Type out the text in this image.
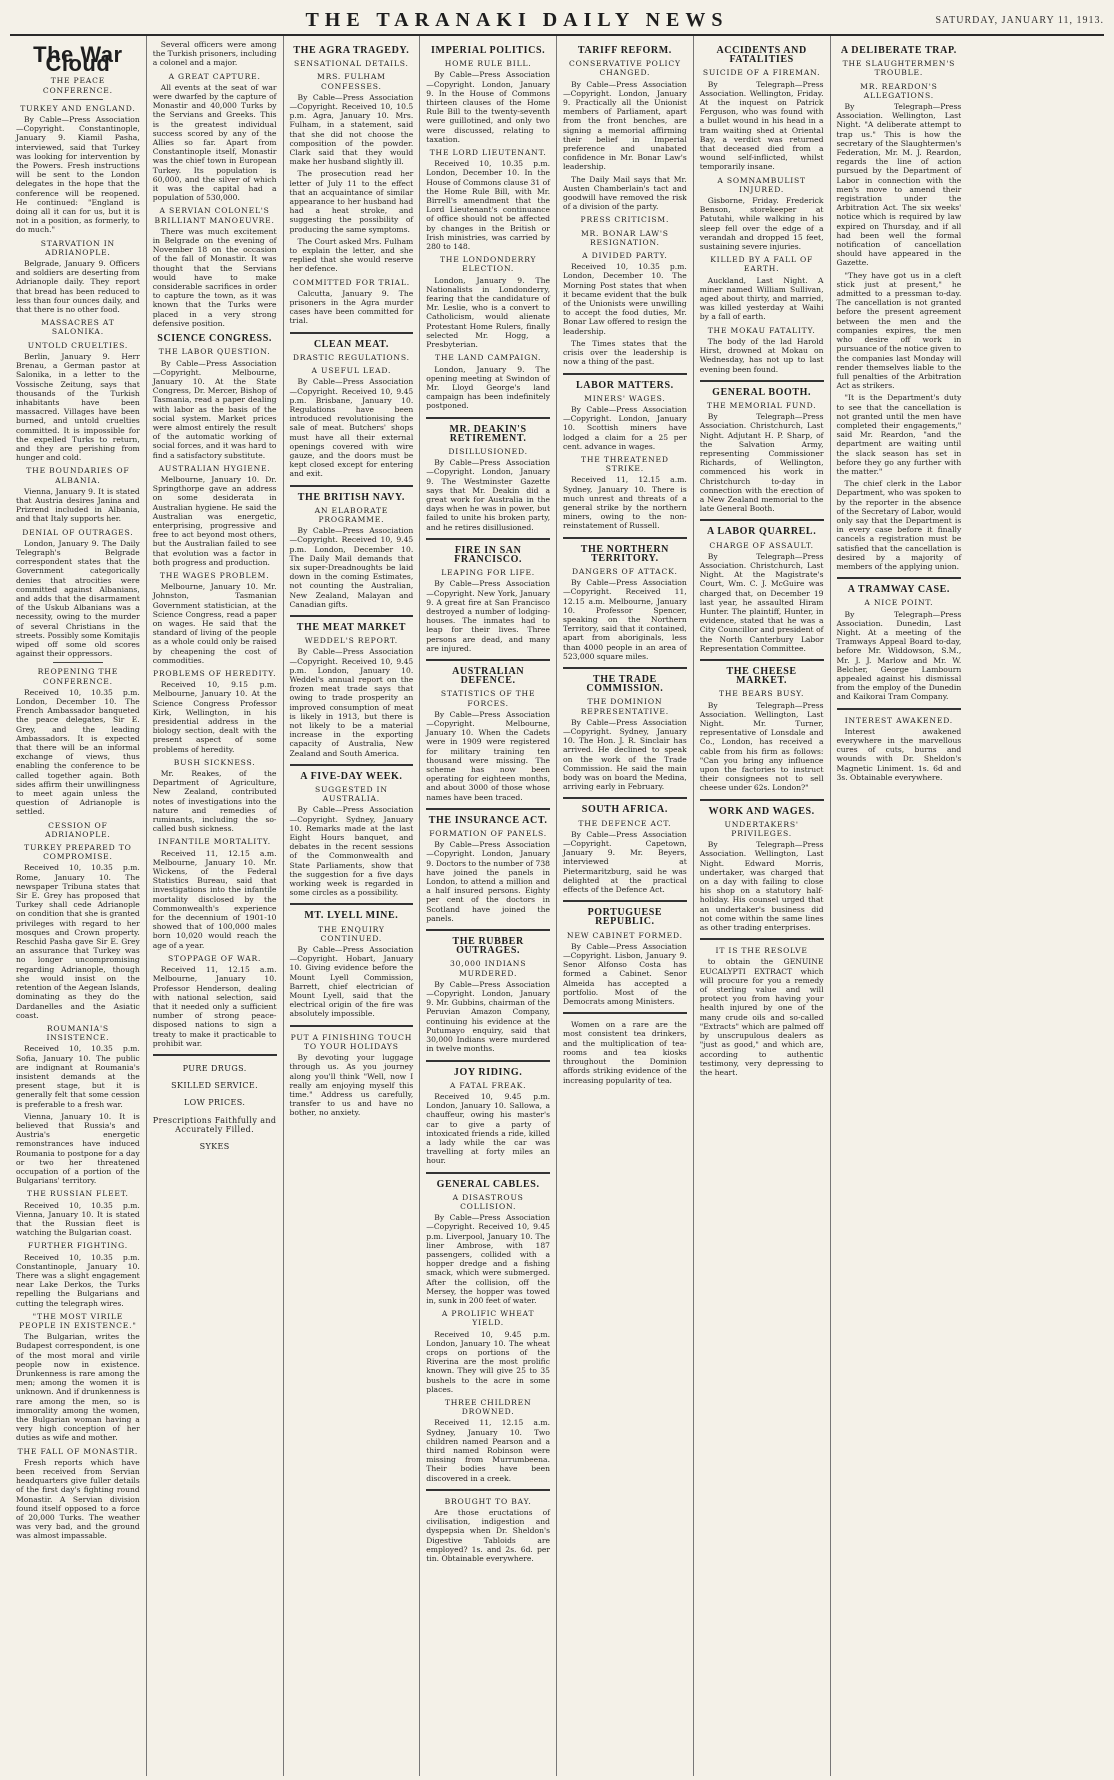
THE TARANAKI DAILY NEWS	SATURDAY, JANUARY 11, 1913.
The War Cloud
THE PEACE CONFERENCE.
TURKEY AND ENGLAND.

By Cable—Press Association—Copyright. Constantinople, January 9. Kiamil Pasha, interviewed, said that Turkey was looking for intervention by the Powers. Fresh instructions will be sent to the London delegates in the hope that the conference will be reopened. He continued: "England is doing all it can for us, but it is not in a position, as formerly, to do much."

STARVATION IN ADRIANOPLE.

Belgrade, January 9. Officers and soldiers are deserting from Adrianople daily. They report that bread has been reduced to less than four ounces daily, and that there is no other food.

MASSACRES AT SALONIKA.
UNTOLD CRUELTIES.

Berlin, January 9. Herr Brenau, a German pastor at Salonika, in a letter to the Vossische Zeitung, says that thousands of the Turkish inhabitants have been massacred. Villages have been burned, and untold cruelties committed. It is impossible for the expelled Turks to return, and they are perishing from hunger and cold.

THE BOUNDARIES OF ALBANIA.

Vienna, January 9. It is stated that Austria desires Janina and Prizrend included in Albania, and that Italy supports her.

DENIAL OF OUTRAGES.

London, January 9. The Daily Telegraph's Belgrade correspondent states that the Government categorically denies that atrocities were committed against Albanians, and adds that the disarmament of the Uskub Albanians was a necessity, owing to the murder of several Christians in the streets. Possibly some Komitajis wiped off some old scores against their oppressors.

REOPENING THE CONFERENCE.

Received 10, 10.35 p.m. London, December 10. The French Ambassador banqueted the peace delegates, Sir E. Grey, and the leading Ambassadors. It is expected that there will be an informal exchange of views, thus enabling the conference to be called together again. Both sides affirm their unwillingness to meet again unless the question of Adrianople is settled.

CESSION OF ADRIANOPLE.
TURKEY PREPARED TO COMPROMISE.

Received 10, 10.35 p.m. Rome, January 10. The newspaper Tribuna states that Sir E. Grey has proposed that Turkey shall cede Adrianople on condition that she is granted privileges with regard to her mosques and Crown property. Reschid Pasha gave Sir E. Grey an assurance that Turkey was no longer uncompromising regarding Adrianople, though she would insist on the retention of the Aegean Islands, dominating as they do the Dardanelles and the Asiatic coast.

ROUMANIA'S INSISTENCE.

Received 10, 10.35 p.m. Sofia, January 10. The public are indignant at Roumania's insistent demands at the present stage, but it is generally felt that some cession is preferable to a fresh war.

Vienna, January 10. It is believed that Russia's and Austria's energetic remonstrances have induced Roumania to postpone for a day or two her threatened occupation of a portion of the Bulgarians' territory.

THE RUSSIAN FLEET.

Received 10, 10.35 p.m. Vienna, January 10. It is stated that the Russian fleet is watching the Bulgarian coast.

FURTHER FIGHTING.

Received 10, 10.35 p.m. Constantinople, January 10. There was a slight engagement near Lake Derkos, the Turks repelling the Bulgarians and cutting the telegraph wires.

"THE MOST VIRILE PEOPLE IN EXISTENCE."

The Bulgarian, writes the Budapest correspondent, is one of the most moral and virile people now in existence. Drunkenness is rare among the men; among the women it is unknown. And if drunkenness is rare among the men, so is immorality among the women, the Bulgarian woman having a very high conception of her duties as wife and mother.

THE FALL OF MONASTIR.

Fresh reports which have been received from Servian headquarters give fuller details of the first day's fighting round Monastir. A Servian division found itself opposed to a force of 20,000 Turks. The weather was very bad, and the ground was almost impassable.

Several officers were among the Turkish prisoners, including a colonel and a major.

A GREAT CAPTURE.

All events at the seat of war were dwarfed by the capture of Monastir and 40,000 Turks by the Servians and Greeks. This is the greatest individual success scored by any of the Allies so far. Apart from Constantinople itself, Monastir was the chief town in European Turkey. Its population is 60,000, and the silver of which it was the capital had a population of 530,000.

A SERVIAN COLONEL'S BRILLIANT MANOEUVRE.

There was much excitement in Belgrade on the evening of November 18 on the occasion of the fall of Monastir. It was thought that the Servians would have to make considerable sacrifices in order to capture the town, as it was known that the Turks were placed in a very strong defensive position.

SCIENCE CONGRESS.
THE LABOR QUESTION.

By Cable—Press Association—Copyright. Melbourne, January 10. At the State Congress, Dr. Mercer, Bishop of Tasmania, read a paper dealing with labor as the basis of the social system. Market prices were almost entirely the result of the automatic working of social forces, and it was hard to find a satisfactory substitute.

AUSTRALIAN HYGIENE.

Melbourne, January 10. Dr. Springthorpe gave an address on some desiderata in Australian hygiene. He said the Australian was energetic, enterprising, progressive and free to act beyond most others, but the Australian failed to see that evolution was a factor in both progress and production.

THE WAGES PROBLEM.

Melbourne, January 10. Mr. Johnston, Tasmanian Government statistician, at the Science Congress, read a paper on wages. He said that the standard of living of the people as a whole could only be raised by cheapening the cost of commodities.

PROBLEMS OF HEREDITY.

Received 10, 9.15 p.m. Melbourne, January 10. At the Science Congress Professor Kirk, Wellington, in his presidential address in the biology section, dealt with the present aspect of some problems of heredity.

BUSH SICKNESS.

Mr. Reakes, of the Department of Agriculture, New Zealand, contributed notes of investigations into the nature and remedies of ruminants, including the so-called bush sickness.

INFANTILE MORTALITY.

Received 11, 12.15 a.m. Melbourne, January 10. Mr. Wickens, of the Federal Statistics Bureau, said that investigations into the infantile mortality disclosed by the Commonwealth's experience for the decennium of 1901-10 showed that of 100,000 males born 10,020 would reach the age of a year.

STOPPAGE OF WAR.

Received 11, 12.15 a.m. Melbourne, January 10. Professor Henderson, dealing with national selection, said that it needed only a sufficient number of strong peace-disposed nations to sign a treaty to make it practicable to prohibit war.

PURE DRUGS.
SKILLED SERVICE.
LOW PRICES.
Prescriptions Faithfully and Accurately Filled.
SYKES
THE AGRA TRAGEDY.
SENSATIONAL DETAILS.
MRS. FULHAM CONFESSES.

By Cable—Press Association—Copyright. Received 10, 10.5 p.m. Agra, January 10. Mrs. Fulham, in a statement, said that she did not choose the composition of the powder. Clark said that they would make her husband slightly ill.

The prosecution read her letter of July 11 to the effect that an acquaintance of similar appearance to her husband had had a heat stroke, and suggesting the possibility of producing the same symptoms.

The Court asked Mrs. Fulham to explain the letter, and she replied that she would reserve her defence.

COMMITTED FOR TRIAL.

Calcutta, January 9. The prisoners in the Agra murder cases have been committed for trial.

CLEAN MEAT.
DRASTIC REGULATIONS.
A USEFUL LEAD.

By Cable—Press Association—Copyright. Received 10, 9.45 p.m. Brisbane, January 10. Regulations have been introduced revolutionising the sale of meat. Butchers' shops must have all their external openings covered with wire gauze, and the doors must be kept closed except for entering and exit.

THE BRITISH NAVY.
AN ELABORATE PROGRAMME.

By Cable—Press Association—Copyright. Received 10, 9.45 p.m. London, December 10. The Daily Mail demands that six super-Dreadnoughts be laid down in the coming Estimates, not counting the Australian, New Zealand, Malayan and Canadian gifts.

THE MEAT MARKET
WEDDEL'S REPORT.

By Cable—Press Association—Copyright. Received 10, 9.45 p.m. London, January 10. Weddel's annual report on the frozen meat trade says that owing to trade prosperity an improved consumption of meat is likely in 1913, but there is not likely to be a material increase in the exporting capacity of Australia, New Zealand and South America.

A FIVE-DAY WEEK.
SUGGESTED IN AUSTRALIA.

By Cable—Press Association—Copyright. Sydney, January 10. Remarks made at the last Eight Hours banquet, and debates in the recent sessions of the Commonwealth and State Parliaments, show that the suggestion for a five days working week is regarded in some circles as a possibility.

MT. LYELL MINE.
THE ENQUIRY CONTINUED.

By Cable—Press Association—Copyright. Hobart, January 10. Giving evidence before the Mount Lyell Commission, Barrett, chief electrician of Mount Lyell, said that the electrical origin of the fire was absolutely impossible.

PUT A FINISHING TOUCH TO YOUR HOLIDAYS

By devoting your luggage through us. As you journey along you'll think "Well, now I really am enjoying myself this time." Address us carefully, transfer to us and have no bother, no anxiety.

IMPERIAL POLITICS.
HOME RULE BILL.

By Cable—Press Association—Copyright. London, January 9. In the House of Commons thirteen clauses of the Home Rule Bill to the twenty-seventh were guillotined, and only two were discussed, relating to taxation.

THE LORD LIEUTENANT.

Received 10, 10.35 p.m. London, December 10. In the House of Commons clause 31 of the Home Rule Bill, with Mr. Birrell's amendment that the Lord Lieutenant's continuance of office should not be affected by changes in the British or Irish ministries, was carried by 280 to 148.

THE LONDONDERRY ELECTION.

London, January 9. The Nationalists in Londonderry, fearing that the candidature of Mr. Leslie, who is a convert to Catholicism, would alienate Protestant Home Rulers, finally selected Mr. Hogg, a Presbyterian.

THE LAND CAMPAIGN.

London, January 9. The opening meeting at Swindon of Mr. Lloyd George's land campaign has been indefinitely postponed.

MR. DEAKIN'S RETIREMENT.
DISILLUSIONED.

By Cable—Press Association—Copyright. London, January 9. The Westminster Gazette says that Mr. Deakin did a great work for Australia in the days when he was in power, but failed to unite his broken party, and he retires disillusioned.

FIRE IN SAN FRANCISCO.
LEAPING FOR LIFE.

By Cable—Press Association—Copyright. New York, January 9. A great fire at San Francisco destroyed a number of lodging-houses. The inmates had to leap for their lives. Three persons are dead, and many are injured.

AUSTRALIAN DEFENCE.
STATISTICS OF THE FORCES.

By Cable—Press Association—Copyright. Melbourne, January 10. When the Cadets were in 1909 were registered for military training ten thousand were missing. The scheme has now been operating for eighteen months, and about 3000 of those whose names have been traced.

THE INSURANCE ACT.
FORMATION OF PANELS.

By Cable—Press Association—Copyright. London, January 9. Doctors to the number of 738 have joined the panels in London, to attend a million and a half insured persons. Eighty per cent of the doctors in Scotland have joined the panels.

THE RUBBER OUTRAGES.
30,000 INDIANS MURDERED.

By Cable—Press Association—Copyright. London, January 9. Mr. Gubbins, chairman of the Peruvian Amazon Company, continuing his evidence at the Putumayo enquiry, said that 30,000 Indians were murdered in twelve months.

JOY RIDING.
A FATAL FREAK.

Received 10, 9.45 p.m. London, January 10. Sallowa, a chauffeur, owing his master's car to give a party of intoxicated friends a ride, killed a lady while the car was travelling at forty miles an hour.

GENERAL CABLES.
A DISASTROUS COLLISION.

By Cable—Press Association—Copyright. Received 10, 9.45 p.m. Liverpool, January 10. The liner Ambrose, with 187 passengers, collided with a hopper dredge and a fishing smack, which were submerged. After the collision, off the Mersey, the hopper was towed in, sunk in 200 feet of water.

A PROLIFIC WHEAT YIELD.

Received 10, 9.45 p.m. London, January 10. The wheat crops on portions of the Riverina are the most prolific known. They will give 25 to 35 bushels to the acre in some places.

THREE CHILDREN DROWNED.

Received 11, 12.15 a.m. Sydney, January 10. Two children named Pearson and a third named Robinson were missing from Murrumbeena. Their bodies have been discovered in a creek.

BROUGHT TO BAY.

Are those eructations of civilisation, indigestion and dyspepsia when Dr. Sheldon's Digestive Tabloids are employed? 1s. and 2s. 6d. per tin. Obtainable everywhere.

TARIFF REFORM.
CONSERVATIVE POLICY CHANGED.

By Cable—Press Association—Copyright. London, January 9. Practically all the Unionist members of Parliament, apart from the front benches, are signing a memorial affirming their belief in Imperial preference and unabated confidence in Mr. Bonar Law's leadership.

The Daily Mail says that Mr. Austen Chamberlain's tact and goodwill have removed the risk of a division of the party.

PRESS CRITICISM.
MR. BONAR LAW'S RESIGNATION.
A DIVIDED PARTY.

Received 10, 10.35 p.m. London, December 10. The Morning Post states that when it became evident that the bulk of the Unionists were unwilling to accept the food duties, Mr. Bonar Law offered to resign the leadership.

The Times states that the crisis over the leadership is now a thing of the past.

LABOR MATTERS.
MINERS' WAGES.

By Cable—Press Association—Copyright. London, January 10. Scottish miners have lodged a claim for a 25 per cent. advance in wages.

THE THREATENED STRIKE.

Received 11, 12.15 a.m. Sydney, January 10. There is much unrest and threats of a general strike by the northern miners, owing to the non-reinstatement of Russell.

THE NORTHERN TERRITORY.
DANGERS OF ATTACK.

By Cable—Press Association—Copyright. Received 11, 12.15 a.m. Melbourne, January 10. Professor Spencer, speaking on the Northern Territory, said that it contained, apart from aboriginals, less than 4000 people in an area of 523,000 square miles.

THE TRADE COMMISSION.
THE DOMINION REPRESENTATIVE.

By Cable—Press Association—Copyright. Sydney, January 10. The Hon. J. R. Sinclair has arrived. He declined to speak on the work of the Trade Commission. He said the main body was on board the Medina, arriving early in February.

SOUTH AFRICA.
THE DEFENCE ACT.

By Cable—Press Association—Copyright. Capetown, January 9. Mr. Beyers, interviewed at Pietermaritzburg, said he was delighted at the practical effects of the Defence Act.

PORTUGUESE REPUBLIC.
NEW CABINET FORMED.

By Cable—Press Association—Copyright. Lisbon, January 9. Senor Alfonso Costa has formed a Cabinet. Senor Almeida has accepted a portfolio. Most of the Democrats among Ministers.

Women on a rare are the most consistent tea drinkers, and the multiplication of tea-rooms and tea kiosks throughout the Dominion affords striking evidence of the increasing popularity of tea.

ACCIDENTS AND FATALITIES
SUICIDE OF A FIREMAN.

By Telegraph—Press Association. Wellington, Friday. At the inquest on Patrick Ferguson, who was found with a bullet wound in his head in a tram waiting shed at Oriental Bay, a verdict was returned that deceased died from a wound self-inflicted, whilst temporarily insane.

A SOMNAMBULIST INJURED.

Gisborne, Friday. Frederick Benson, storekeeper at Patutahi, while walking in his sleep fell over the edge of a verandah and dropped 15 feet, sustaining severe injuries.

KILLED BY A FALL OF EARTH.

Auckland, Last Night. A miner named William Sullivan, aged about thirty, and married, was killed yesterday at Waihi by a fall of earth.

THE MOKAU FATALITY.

The body of the lad Harold Hirst, drowned at Mokau on Wednesday, has not up to last evening been found.

GENERAL BOOTH.
THE MEMORIAL FUND.

By Telegraph—Press Association. Christchurch, Last Night. Adjutant H. P. Sharp, of the Salvation Army, representing Commissioner Richards, of Wellington, commenced his work in Christchurch to-day in connection with the erection of a New Zealand memorial to the late General Booth.

A LABOR QUARREL.
CHARGE OF ASSAULT.

By Telegraph—Press Association. Christchurch, Last Night. At the Magistrate's Court, Wm. C. J. McGuire was charged that, on December 19 last year, he assaulted Hiram Hunter. The plaintiff, Hunter, in evidence, stated that he was a City Councillor and president of the North Canterbury Labor Representation Committee.

THE CHEESE MARKET.
THE BEARS BUSY.

By Telegraph—Press Association. Wellington, Last Night. Mr. Turner, representative of Lonsdale and Co., London, has received a cable from his firm as follows: "Can you bring any influence upon the factories to instruct their consignees not to sell cheese under 62s. London?"

WORK AND WAGES.
UNDERTAKERS' PRIVILEGES.

By Telegraph—Press Association. Wellington, Last Night. Edward Morris, undertaker, was charged that on a day with failing to close his shop on a statutory half-holiday. His counsel urged that an undertaker's business did not come within the same lines as other trading enterprises.

IT IS THE RESOLVE

to obtain the GENUINE EUCALYPTI EXTRACT which will procure for you a remedy of sterling value and will protect you from having your health injured by one of the many crude oils and so-called "Extracts" which are palmed off by unscrupulous dealers as "just as good," and which are, according to authentic testimony, very depressing to the heart.

A DELIBERATE TRAP.
THE SLAUGHTERMEN'S TROUBLE.
MR. REARDON'S ALLEGATIONS.

By Telegraph—Press Association. Wellington, Last Night. "A deliberate attempt to trap us." This is how the secretary of the Slaughtermen's Federation, Mr. M. J. Reardon, regards the line of action pursued by the Department of Labor in connection with the men's move to amend their registration under the Arbitration Act. The six weeks' notice which is required by law expired on Thursday, and if all had been well the formal notification of cancellation should have appeared in the Gazette.

"They have got us in a cleft stick just at present," he admitted to a pressman to-day. The cancellation is not granted before the present agreement between the men and the companies expires, the men who desire off work in pursuance of the notice given to the companies last Monday will render themselves liable to the full penalties of the Arbitration Act as strikers.

"It is the Department's duty to see that the cancellation is not granted until the men have completed their engagements," said Mr. Reardon, "and the department are waiting until the slack season has set in before they go any further with the matter."

The chief clerk in the Labor Department, who was spoken to by the reporter in the absence of the Secretary of Labor, would only say that the Department is in every case before it finally cancels a registration must be satisfied that the cancellation is desired by a majority of members of the applying union.

A TRAMWAY CASE.
A NICE POINT.

By Telegraph—Press Association. Dunedin, Last Night. At a meeting of the Tramways Appeal Board to-day, before Mr. Widdowson, S.M., Mr. J. J. Marlow and Mr. W. Belcher, George Lambourn appealed against his dismissal from the employ of the Dunedin and Kaikorai Tram Company.

INTEREST AWAKENED.

Interest awakened everywhere in the marvellous cures of cuts, burns and wounds with Dr. Sheldon's Magnetic Liniment. 1s. 6d and 3s. Obtainable everywhere.
